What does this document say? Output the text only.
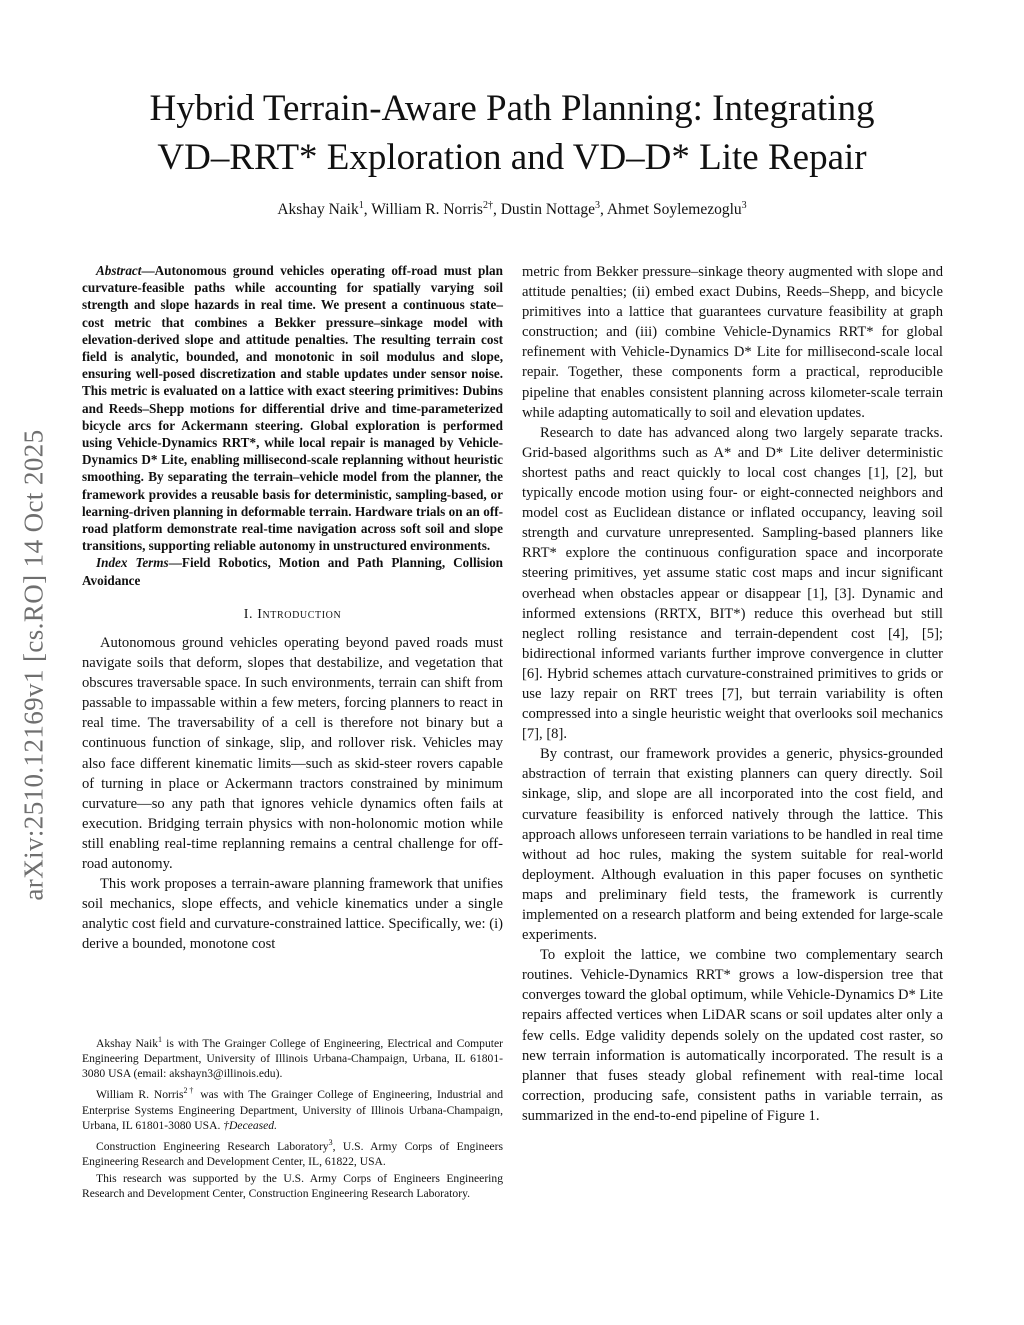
arXiv:2510.12169v1 [cs.RO] 14 Oct 2025
Hybrid Terrain-Aware Path Planning: Integrating
VD–RRT* Exploration and VD–D* Lite Repair
Akshay Naik$^1$, William R. Norris$^{2\dagger}$, Dustin Nottage$^3$, Ahmet Soylemezoglu$^3$

Abstract—Autonomous ground vehicles operating off-road must plan curvature-feasible paths while accounting for spatially varying soil strength and slope hazards in real time. We present a continuous state–cost metric that combines a Bekker pressure–sinkage model with elevation-derived slope and attitude penalties. The resulting terrain cost field is analytic, bounded, and monotonic in soil modulus and slope, ensuring well-posed discretization and stable updates under sensor noise. This metric is evaluated on a lattice with exact steering primitives: Dubins and Reeds–Shepp motions for differential drive and time-parameterized bicycle arcs for Ackermann steering. Global exploration is performed using Vehicle-Dynamics RRT*, while local repair is managed by Vehicle-Dynamics D* Lite, enabling millisecond-scale replanning without heuristic smoothing. By separating the terrain–vehicle model from the planner, the framework provides a reusable basis for deterministic, sampling-based, or learning-driven planning in deformable terrain. Hardware trials on an off-road platform demonstrate real-time navigation across soft soil and slope transitions, supporting reliable autonomy in unstructured environments.

Index Terms—Field Robotics, Motion and Path Planning, Collision Avoidance

I. Introduction

Autonomous ground vehicles operating beyond paved roads must navigate soils that deform, slopes that destabilize, and vegetation that obscures traversable space. In such environments, terrain can shift from passable to impassable within a few meters, forcing planners to react in real time. The traversability of a cell is therefore not binary but a continuous function of sinkage, slip, and rollover risk. Vehicles may also face different kinematic limits—such as skid-steer rovers capable of turning in place or Ackermann tractors constrained by minimum curvature—so any path that ignores vehicle dynamics often fails at execution. Bridging terrain physics with non-holonomic motion while still enabling real-time replanning remains a central challenge for off-road autonomy.

This work proposes a terrain-aware planning framework that unifies soil mechanics, slope effects, and vehicle kinematics under a single analytic cost field and curvature-constrained lattice. Specifically, we: (i) derive a bounded, monotone cost

Akshay Naik$^1$ is with The Grainger College of Engineering, Electrical and Computer Engineering Department, University of Illinois Urbana-Champaign, Urbana, IL 61801-3080 USA (email: akshayn3@illinois.edu).

William R. Norris$^{2\dagger}$ was with The Grainger College of Engineering, Industrial and Enterprise Systems Engineering Department, University of Illinois Urbana-Champaign, Urbana, IL 61801-3080 USA. †Deceased.

Construction Engineering Research Laboratory$^3$, U.S. Army Corps of Engineers Engineering Research and Development Center, IL, 61822, USA.

This research was supported by the U.S. Army Corps of Engineers Engineering Research and Development Center, Construction Engineering Research Laboratory.

metric from Bekker pressure–sinkage theory augmented with slope and attitude penalties; (ii) embed exact Dubins, Reeds–Shepp, and bicycle primitives into a lattice that guarantees curvature feasibility at graph construction; and (iii) combine Vehicle-Dynamics RRT* for global refinement with Vehicle-Dynamics D* Lite for millisecond-scale local repair. Together, these components form a practical, reproducible pipeline that enables consistent planning across kilometer-scale terrain while adapting automatically to soil and elevation updates.

Research to date has advanced along two largely separate tracks. Grid-based algorithms such as A* and D* Lite deliver deterministic shortest paths and react quickly to local cost changes [1], [2], but typically encode motion using four- or eight-connected neighbors and model cost as Euclidean distance or inflated occupancy, leaving soil strength and curvature unrepresented. Sampling-based planners like RRT* explore the continuous configuration space and incorporate steering primitives, yet assume static cost maps and incur significant overhead when obstacles appear or disappear [1], [3]. Dynamic and informed extensions (RRTX, BIT*) reduce this overhead but still neglect rolling resistance and terrain-dependent cost [4], [5]; bidirectional informed variants further improve convergence in clutter [6]. Hybrid schemes attach curvature-constrained primitives to grids or use lazy repair on RRT trees [7], but terrain variability is often compressed into a single heuristic weight that overlooks soil mechanics [7], [8].

By contrast, our framework provides a generic, physics-grounded abstraction of terrain that existing planners can query directly. Soil sinkage, slip, and slope are all incorporated into the cost field, and curvature feasibility is enforced natively through the lattice. This approach allows unforeseen terrain variations to be handled in real time without ad hoc rules, making the system suitable for real-world deployment. Although evaluation in this paper focuses on synthetic maps and preliminary field tests, the framework is currently implemented on a research platform and being extended for large-scale experiments.

To exploit the lattice, we combine two complementary search routines. Vehicle-Dynamics RRT* grows a low-dispersion tree that converges toward the global optimum, while Vehicle-Dynamics D* Lite repairs affected vertices when LiDAR scans or soil updates alter only a few cells. Edge validity depends solely on the updated cost raster, so new terrain information is automatically incorporated. The result is a planner that fuses steady global refinement with real-time local correction, producing safe, consistent paths in variable terrain, as summarized in the end-to-end pipeline of Figure 1.
